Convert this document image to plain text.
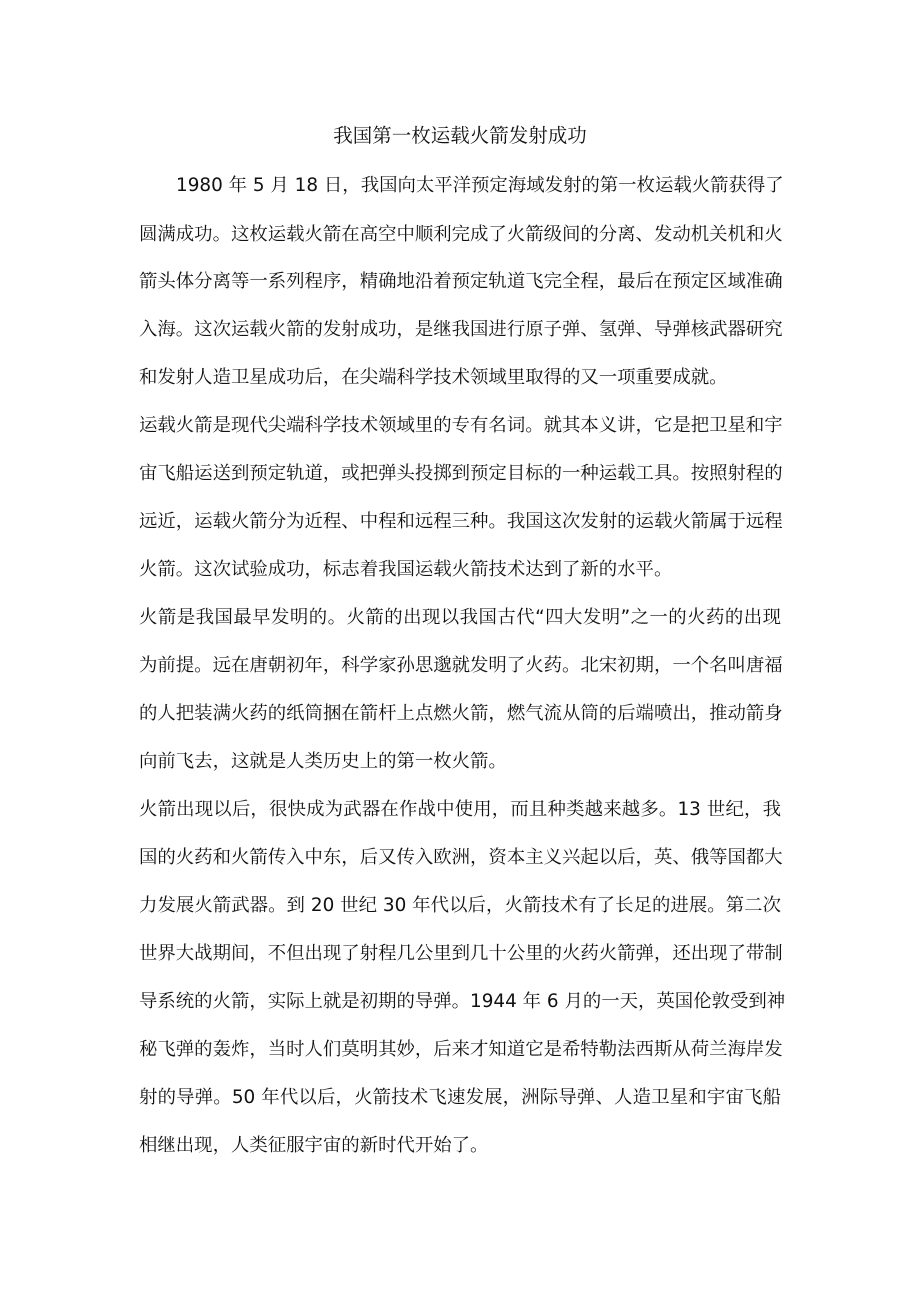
我国第一枚运载火箭发射成功
1980 年 5 月 18 日，我国向太平洋预定海域发射的第一枚运载火箭获得了
圆满成功。这枚运载火箭在高空中顺利完成了火箭级间的分离、发动机关机和火
箭头体分离等一系列程序，精确地沿着预定轨道飞完全程，最后在预定区域准确
入海。这次运载火箭的发射成功，是继我国进行原子弹、氢弹、导弹核武器研究
和发射人造卫星成功后，在尖端科学技术领域里取得的又一项重要成就。
运载火箭是现代尖端科学技术领域里的专有名词。就其本义讲，它是把卫星和宇
宙飞船运送到预定轨道，或把弹头投掷到预定目标的一种运载工具。按照射程的
远近，运载火箭分为近程、中程和远程三种。我国这次发射的运载火箭属于远程
火箭。这次试验成功，标志着我国运载火箭技术达到了新的水平。
火箭是我国最早发明的。火箭的出现以我国古代“四大发明”之一的火药的出现
为前提。远在唐朝初年，科学家孙思邈就发明了火药。北宋初期，一个名叫唐福
的人把装满火药的纸筒捆在箭杆上点燃火箭，燃气流从筒的后端喷出，推动箭身
向前飞去，这就是人类历史上的第一枚火箭。
火箭出现以后，很快成为武器在作战中使用，而且种类越来越多。13 世纪，我
国的火药和火箭传入中东，后又传入欧洲，资本主义兴起以后，英、俄等国都大
力发展火箭武器。到 20 世纪 30 年代以后，火箭技术有了长足的进展。第二次
世界大战期间，不但出现了射程几公里到几十公里的火药火箭弹，还出现了带制
导系统的火箭，实际上就是初期的导弹。1944 年 6 月的一天，英国伦敦受到神
秘飞弹的轰炸，当时人们莫明其妙，后来才知道它是希特勒法西斯从荷兰海岸发
射的导弹。50 年代以后，火箭技术飞速发展，洲际导弹、人造卫星和宇宙飞船
相继出现，人类征服宇宙的新时代开始了。
